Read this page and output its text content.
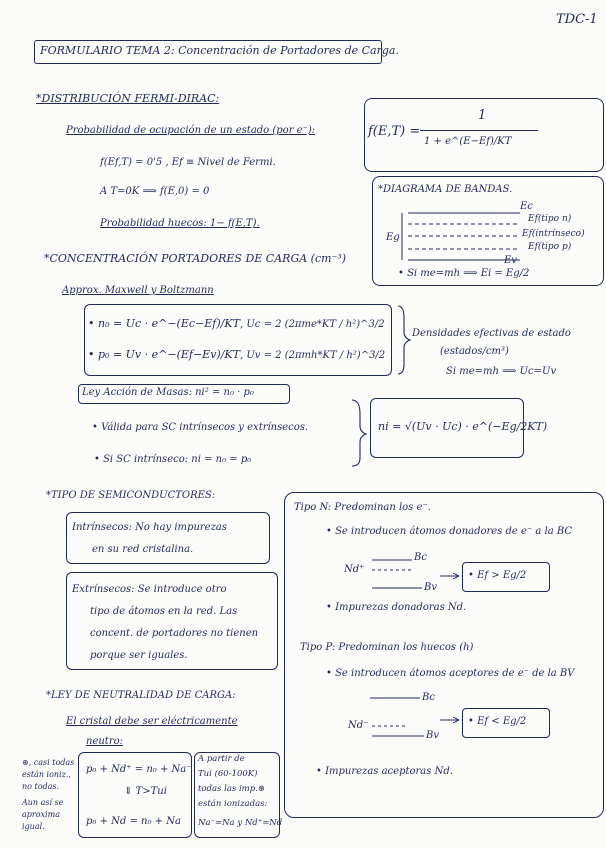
TDC-1
FORMULARIO TEMA 2: Concentración de Portadores de Carga.
*DISTRIBUCIÓN FERMI-DIRAC:
Probabilidad de ocupación de un estado (por e⁻):	f(E,T) =
1
1 + e^(E−Ef)/KT
f(Ef,T) = 0'5 , Ef ≡ Nivel de Fermi.
A T=0K ⟹ f(E,0) = 0
Probabilidad huecos: 1− f(E,T).
*DIAGRAMA DE BANDAS.
Ec
Ef(tipo n)
Ef(intrínseco)
Ef(tipo p)
Ev
Eg
• Si me=mh ⟹ Ei = Eg/2
*CONCENTRACIÓN PORTADORES DE CARGA (cm⁻³)
Approx. Maxwell y Boltzmann
• n₀ = Uc · e^−(Ec−Ef)/KT
• p₀ = Uv · e^−(Ef−Ev)/KT
, Uc = 2 (2πme*KT / h²)^3/2
, Uv = 2 (2πmh*KT / h²)^3/2
Densidades efectivas de estado
(estados/cm³)
Si me=mh ⟹ Uc=Uv
Ley Acción de Masas: ni² = n₀ · p₀
• Válida para SC intrínsecos y extrínsecos.
• Si SC intrínseco: ni = n₀ = p₀
ni = √(Uv · Uc) · e^(−Eg/2KT)
*TIPO DE SEMICONDUCTORES:
Intrínsecos: No hay impurezas
en su red cristalina.
Extrínsecos: Se introduce otro
tipo de átomos en la red. Las
concent. de portadores no tienen
porque ser iguales.
Tipo N: Predominan los e⁻.
• Se introducen átomos donadores de e⁻ a la BC
Bc
Nd⁺
Bv
• Ef > Eg/2
• Impurezas donadoras Nd.
Tipo P: Predominan los huecos (h)
• Se introducen átomos aceptores de e⁻ de la BV
Bc
Nd⁻
Bv
• Ef < Eg/2
• Impurezas aceptoras Nd.
*LEY DE NEUTRALIDAD DE CARGA:
El cristal debe ser eléctricamente
neutro:
⊛, casi todas
están ioniz.,
no todas.
Aun así se
aproxima
igual.
p₀ + Nd⁺ = n₀ + Na⁻
⇓ T>Tui
p₀ + Nd = n₀ + Na
A partir de
Tui (60-100K)
todas las imp.⊛
están ionizadas:
Na⁻≃Na y Nd⁺≃Nd
